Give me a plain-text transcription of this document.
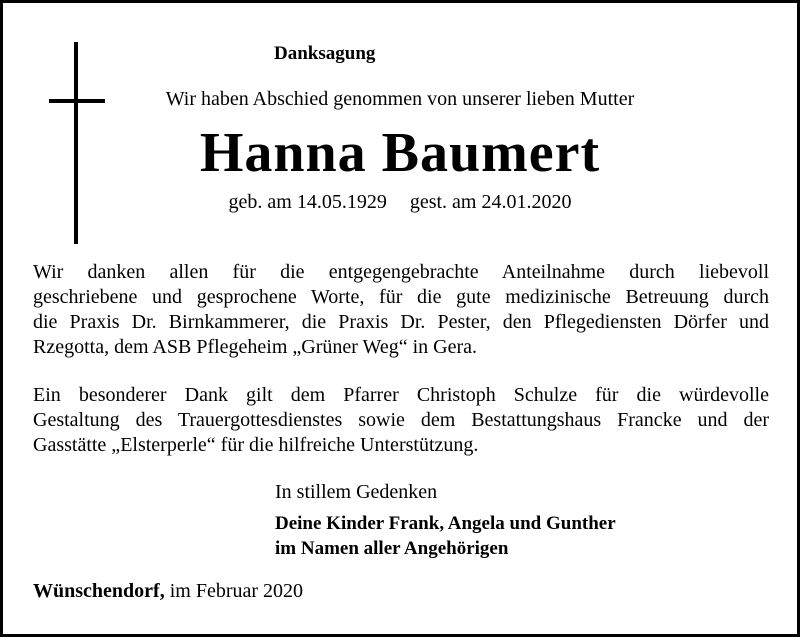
Danksagung
Wir haben Abschied genommen von unserer lieben Mutter
Hanna Baumert
geb. am 14.05.1929 gest. am 24.01.2020
Wir danken allen für die entgegengebrachte Anteilnahme durch liebevoll
geschriebene und gesprochene Worte, für die gute medizinische Betreuung durch
die Praxis Dr. Birnkammerer, die Praxis Dr. Pester, den Pflegediensten Dörfer und
Rzegotta, dem ASB Pflegeheim „Grüner Weg“ in Gera.
Ein besonderer Dank gilt dem Pfarrer Christoph Schulze für die würdevolle
Gestaltung des Trauergottesdienstes sowie dem Bestattungshaus Francke und der
Gasstätte „Elsterperle“ für die hilfreiche Unterstützung.
In stillem Gedenken
Deine Kinder Frank, Angela und Gunther
im Namen aller Angehörigen
Wünschendorf, im Februar 2020
